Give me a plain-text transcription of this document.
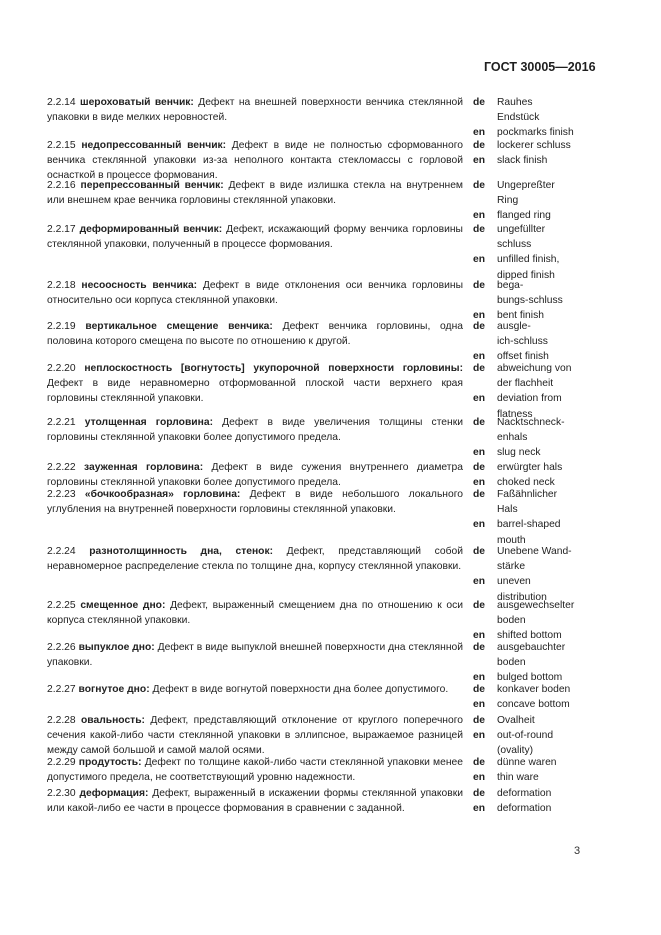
ГОСТ 30005—2016
2.2.14 шероховатый венчик: Дефект на внешней поверхности венчика стеклянной упаковки в виде мелких неровностей.
de	Rauhes
Endstück
en	pockmarks finish
2.2.15 недопрессованный венчик: Дефект в виде не полностью сформованного венчика стеклянной упаковки из-за неполного контакта стекломассы с горловой оснасткой в процессе формования.
de	lockerer schluss
en	slack finish
2.2.16 перепрессованный венчик: Дефект в виде излишка стекла на внутреннем или внешнем крае венчика горловины стеклянной упаковки.
de	Ungepreßter
Ring
en	flanged ring
2.2.17 деформированный венчик: Дефект, искажающий форму венчика горловины стеклянной упаковки, полученный в процессе формования.
de	ungefüllter
schluss
en	unfilled finish,
dipped finish
2.2.18 несоосность венчика: Дефект в виде отклонения оси венчика горловины относительно оси корпуса стеклянной упаковки.
de	bega-
bungs-schluss
en	bent finish
2.2.19 вертикальное смещение венчика: Дефект венчика горловины, одна половина которого смещена по высоте по отношению к другой.
de	ausgle-
ich-schluss
en	offset finish
2.2.20 неплоскостность [вогнутость] укупорочной поверхности горловины: Дефект в виде неравномерно отформованной плоской части верхнего края горловины стеклянной упаковки.
de	abweichung von
der flachheit
en	deviation from
flatness
2.2.21 утолщенная горловина: Дефект в виде увеличения толщины стенки горловины стеклянной упаковки более допустимого предела.
de	Nacktschneck-
enhals
en	slug neck
2.2.22 зауженная горловина: Дефект в виде сужения внутреннего диаметра горловины стеклянной упаковки более допустимого предела.
de	erwürgter hals
en	choked neck
2.2.23 «бочкообразная» горловина: Дефект в виде небольшого локального углубления на внутренней поверхности горловины стеклянной упаковки.
de	Faßähnlicher
Hals
en	barrel-shaped
mouth
2.2.24 разнотолщинность дна, стенок: Дефект, представляющий собой неравномерное распределение стекла по толщине дна, корпусу стеклянной упаковки.
de	Unebene Wand-
stärke
en	uneven
distribution
2.2.25 смещенное дно: Дефект, выраженный смещением дна по отношению к оси корпуса стеклянной упаковки.
de	ausgewechselter
boden
en	shifted bottom
2.2.26 выпуклое дно: Дефект в виде выпуклой внешней поверхности дна стеклянной упаковки.
de	ausgebauchter
boden
en	bulged bottom
2.2.27 вогнутое дно: Дефект в виде вогнутой поверхности дна более допустимого.	de	konkaver boden
en	concave bottom
2.2.28 овальность: Дефект, представляющий отклонение от круглого поперечного сечения какой-либо части стеклянной упаковки в эллипсное, выражаемое разницей между самой большой и самой малой осями.
de	Ovalheit
en	out-of-round
(ovality)
2.2.29 продутость: Дефект по толщине какой-либо части стеклянной упаковки менее допустимого предела, не соответствующий уровню надежности.
de	dünne waren
en	thin ware
2.2.30 деформация: Дефект, выраженный в искажении формы стеклянной упаковки или какой-либо ее части в процессе формования в сравнении с заданной.
de	deformation
en	deformation
3
